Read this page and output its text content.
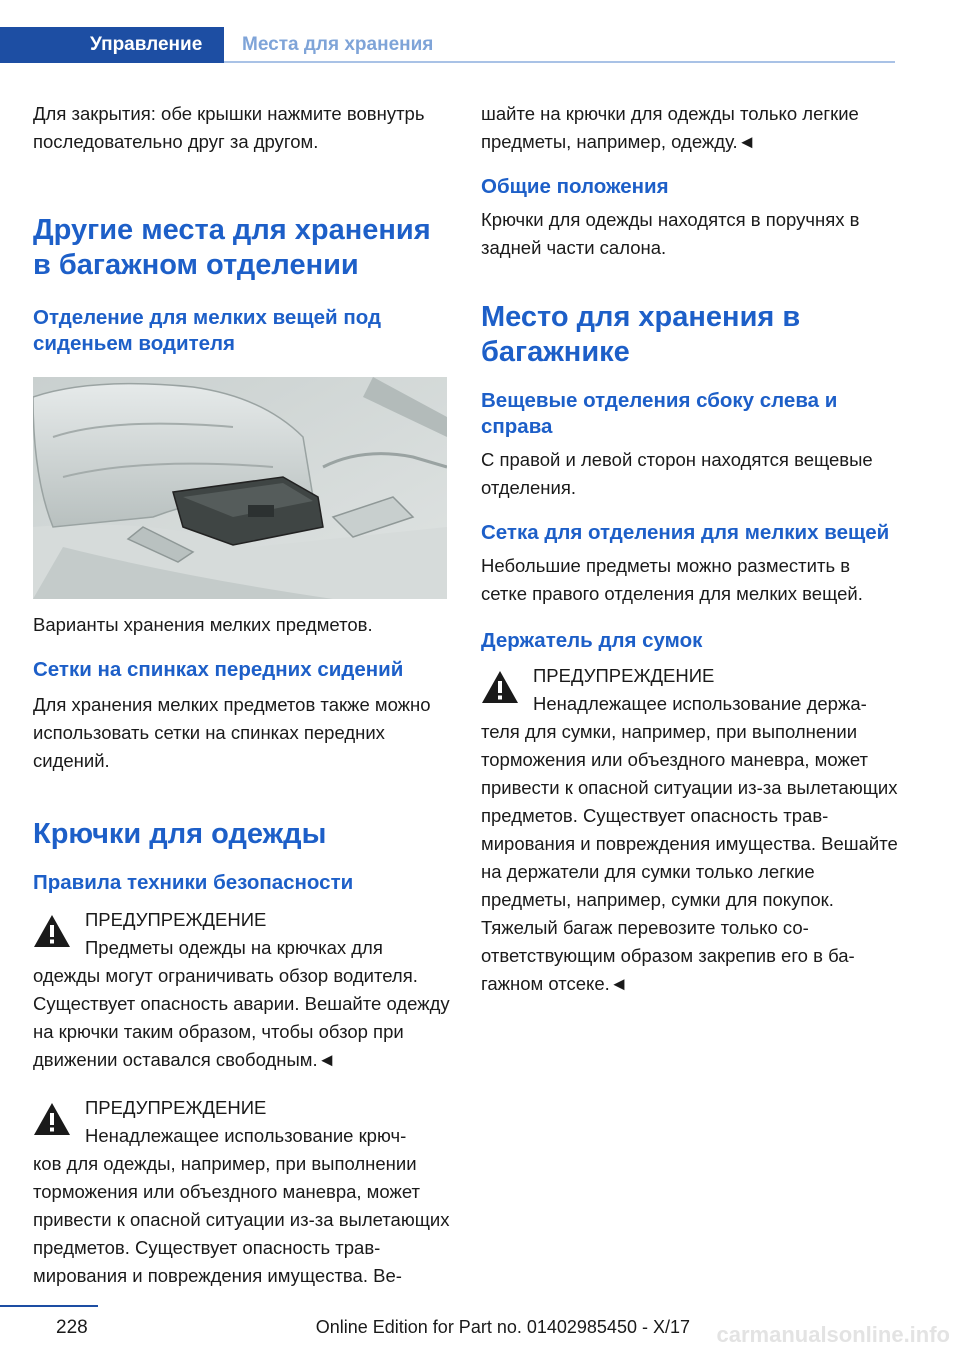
Управление	Места для хранения

Для закрытия: обе крышки нажмите вовнутрь последовательно друг за другом.

Другие места для хранения в багажном отделении
Отделение для мелких вещей под сиденьем водителя

Варианты хранения мелких предметов.

Сетки на спинках передних сидений

Для хранения мелких предметов также можно использовать сетки на спинках передних сидений.

Крючки для одежды
Правила техники безопасности
ПРЕДУПРЕЖДЕНИЕ
Предметы одежды на крючках для
одежды могут ограничивать обзор водителя. Существует опасность аварии. Вешайте одежду на крючки таким образом, чтобы обзор при движении оставался свободным.◄
ПРЕДУПРЕЖДЕНИЕ
Ненадлежащее использование крюч-
ков для одежды, например, при выполнении торможения или объездного маневра, может привести к опасной ситуации из-за вылетающих предметов. Существует опасность травмирования и повреждения имущества. Ве-

шайте на крючки для одежды только легкие предметы, например, одежду.◄

Общие положения

Крючки для одежды находятся в поручнях в задней части салона.

Место для хранения в багажнике
Вещевые отделения сбоку слева и справа

С правой и левой сторон находятся вещевые отделения.

Сетка для отделения для мелких вещей

Небольшие предметы можно разместить в сетке правого отделения для мелких вещей.

Держатель для сумок
ПРЕДУПРЕЖДЕНИЕ
Ненадлежащее использование держа-
теля для сумки, например, при выполнении торможения или объездного маневра, может привести к опасной ситуации из-за вылетающих предметов. Существует опасность травмирования и повреждения имущества. Вешайте на держатели для сумки только легкие предметы, например, сумки для покупок. Тяжелый багаж перевозите только соответствующим образом закрепив его в багажном отсеке.◄
228	Online Edition for Part no. 01402985450 - X/17 carmanualsonline.info
